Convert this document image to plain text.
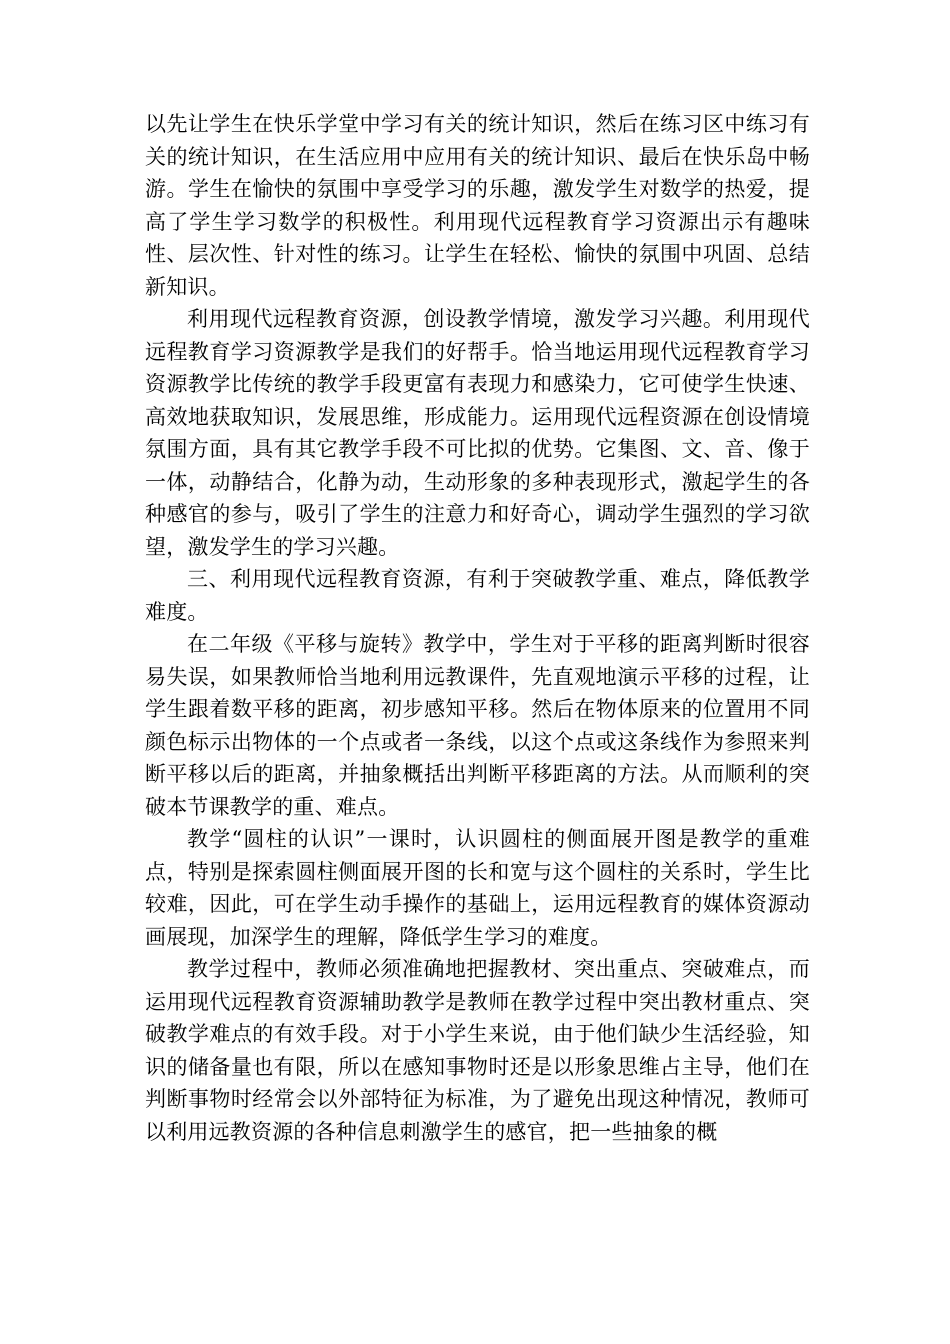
以先让学生在快乐学堂中学习有关的统计知识，然后在练习区中练习有关的统计知识，在生活应用中应用有关的统计知识、最后在快乐岛中畅游。学生在愉快的氛围中享受学习的乐趣，激发学生对数学的热爱，提高了学生学习数学的积极性。利用现代远程教育学习资源出示有趣味性、层次性、针对性的练习。让学生在轻松、愉快的氛围中巩固、总结新知识。

利用现代远程教育资源，创设教学情境，激发学习兴趣。利用现代远程教育学习资源教学是我们的好帮手。恰当地运用现代远程教育学习资源教学比传统的教学手段更富有表现力和感染力，它可使学生快速、高效地获取知识，发展思维，形成能力。运用现代远程资源在创设情境氛围方面，具有其它教学手段不可比拟的优势。它集图、文、音、像于一体，动静结合，化静为动，生动形象的多种表现形式，激起学生的各种感官的参与，吸引了学生的注意力和好奇心，调动学生强烈的学习欲望，激发学生的学习兴趣。

三、利用现代远程教育资源，有利于突破教学重、难点，降低教学难度。

在二年级《平移与旋转》教学中，学生对于平移的距离判断时很容易失误，如果教师恰当地利用远教课件，先直观地演示平移的过程，让学生跟着数平移的距离，初步感知平移。然后在物体原来的位置用不同颜色标示出物体的一个点或者一条线，以这个点或这条线作为参照来判断平移以后的距离，并抽象概括出判断平移距离的方法。从而顺利的突破本节课教学的重、难点。

教学“圆柱的认识”一课时，认识圆柱的侧面展开图是教学的重难点，特别是探索圆柱侧面展开图的长和宽与这个圆柱的关系时，学生比较难，因此，可在学生动手操作的基础上，运用远程教育的媒体资源动画展现，加深学生的理解，降低学生学习的难度。

教学过程中，教师必须准确地把握教材、突出重点、突破难点，而运用现代远程教育资源辅助教学是教师在教学过程中突出教材重点、突破教学难点的有效手段。对于小学生来说，由于他们缺少生活经验，知识的储备量也有限，所以在感知事物时还是以形象思维占主导，他们在判断事物时经常会以外部特征为标准，为了避免出现这种情况，教师可以利用远教资源的各种信息刺激学生的感官，把一些抽象的概
